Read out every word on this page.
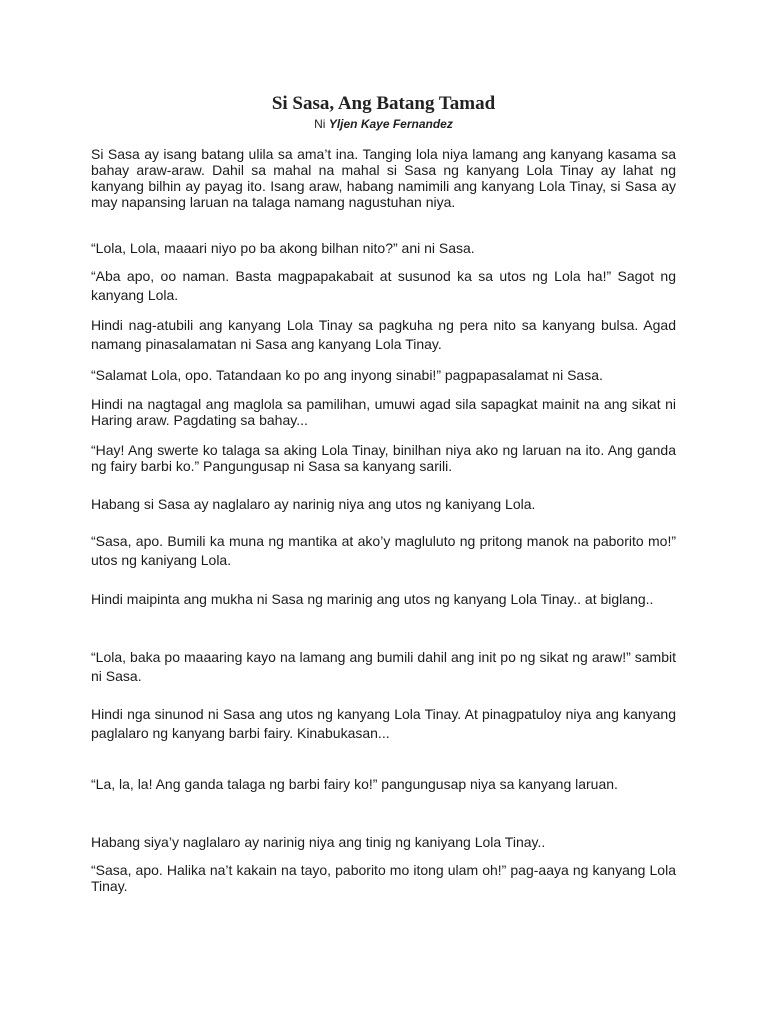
Si Sasa, Ang Batang Tamad

Ni Yljen Kaye Fernandez

Si Sasa ay isang batang ulila sa ama’t ina. Tanging lola niya lamang ang kanyang kasama sa bahay araw-araw. Dahil sa mahal na mahal si Sasa ng kanyang Lola Tinay ay lahat ng kanyang bilhin ay payag ito. Isang araw, habang namimili ang kanyang Lola Tinay, si Sasa ay may napansing laruan na talaga namang nagustuhan niya.

“Lola, Lola, maaari niyo po ba akong bilhan nito?” ani ni Sasa.

“Aba apo, oo naman. Basta magpapakabait at susunod ka sa utos ng Lola ha!” Sagot ng kanyang Lola.

Hindi nag-atubili ang kanyang Lola Tinay sa pagkuha ng pera nito sa kanyang bulsa. Agad namang pinasalamatan ni Sasa ang kanyang Lola Tinay.

“Salamat Lola, opo. Tatandaan ko po ang inyong sinabi!” pagpapasalamat ni Sasa.

Hindi na nagtagal ang maglola sa pamilihan, umuwi agad sila sapagkat mainit na ang sikat ni Haring araw. Pagdating sa bahay...

“Hay! Ang swerte ko talaga sa aking Lola Tinay, binilhan niya ako ng laruan na ito. Ang ganda ng fairy barbi ko.” Pangungusap ni Sasa sa kanyang sarili.

Habang si Sasa ay naglalaro ay narinig niya ang utos ng kaniyang Lola.

“Sasa, apo. Bumili ka muna ng mantika at ako’y magluluto ng pritong manok na paborito mo!” utos ng kaniyang Lola.

Hindi maipinta ang mukha ni Sasa ng marinig ang utos ng kanyang Lola Tinay.. at biglang..

“Lola, baka po maaaring kayo na lamang ang bumili dahil ang init po ng sikat ng araw!” sambit ni Sasa.

Hindi nga sinunod ni Sasa ang utos ng kanyang Lola Tinay. At pinagpatuloy niya ang kanyang paglalaro ng kanyang barbi fairy. Kinabukasan...

“La, la, la! Ang ganda talaga ng barbi fairy ko!” pangungusap niya sa kanyang laruan.

Habang siya’y naglalaro ay narinig niya ang tinig ng kaniyang Lola Tinay..

“Sasa, apo. Halika na’t kakain na tayo, paborito mo itong ulam oh!” pag-aaya ng kanyang Lola Tinay.
